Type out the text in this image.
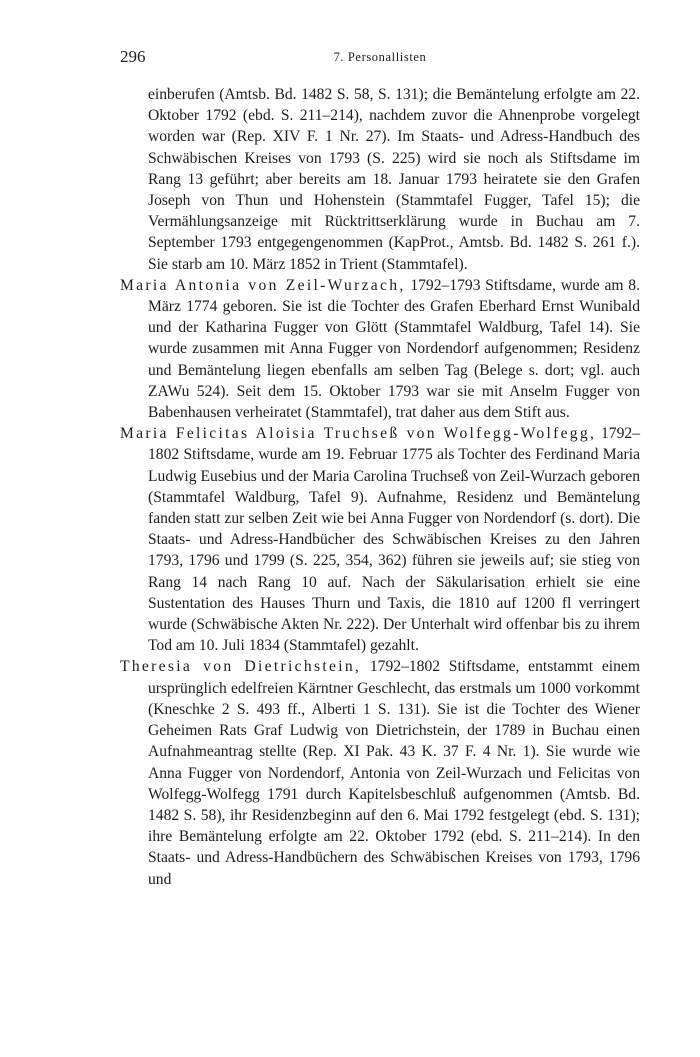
296	7. Personallisten

einberufen (Amtsb. Bd. 1482 S. 58, S. 131); die Bemäntelung erfolgte am 22. Oktober 1792 (ebd. S. 211–214), nachdem zuvor die Ahnenprobe vorgelegt worden war (Rep. XIV F. 1 Nr. 27). Im Staats- und Adress-Handbuch des Schwäbischen Kreises von 1793 (S. 225) wird sie noch als Stiftsdame im Rang 13 geführt; aber bereits am 18. Januar 1793 heiratete sie den Grafen Joseph von Thun und Hohenstein (Stammtafel Fugger, Tafel 15); die Vermählungsanzeige mit Rücktrittserklärung wurde in Buchau am 7. September 1793 entgegengenommen (KapProt., Amtsb. Bd. 1482 S. 261 f.). Sie starb am 10. März 1852 in Trient (Stammtafel).

Maria Antonia von Zeil-Wurzach, 1792–1793 Stiftsdame, wurde am 8. März 1774 geboren. Sie ist die Tochter des Grafen Eberhard Ernst Wunibald und der Katharina Fugger von Glött (Stammtafel Waldburg, Tafel 14). Sie wurde zusammen mit Anna Fugger von Nordendorf aufgenommen; Residenz und Bemäntelung liegen ebenfalls am selben Tag (Belege s. dort; vgl. auch ZAWu 524). Seit dem 15. Oktober 1793 war sie mit Anselm Fugger von Babenhausen verheiratet (Stammtafel), trat daher aus dem Stift aus.

Maria Felicitas Aloisia Truchseß von Wolfegg-Wolfegg, 1792–1802 Stiftsdame, wurde am 19. Februar 1775 als Tochter des Ferdinand Maria Ludwig Eusebius und der Maria Carolina Truchseß von Zeil-Wurzach geboren (Stammtafel Waldburg, Tafel 9). Aufnahme, Residenz und Bemäntelung fanden statt zur selben Zeit wie bei Anna Fugger von Nordendorf (s. dort). Die Staats- und Adress-Handbücher des Schwäbischen Kreises zu den Jahren 1793, 1796 und 1799 (S. 225, 354, 362) führen sie jeweils auf; sie stieg von Rang 14 nach Rang 10 auf. Nach der Säkularisation erhielt sie eine Sustentation des Hauses Thurn und Taxis, die 1810 auf 1200 fl verringert wurde (Schwäbische Akten Nr. 222). Der Unterhalt wird offenbar bis zu ihrem Tod am 10. Juli 1834 (Stammtafel) gezahlt.

Theresia von Dietrichstein, 1792–1802 Stiftsdame, entstammt einem ursprünglich edelfreien Kärntner Geschlecht, das erstmals um 1000 vorkommt (Kneschke 2 S. 493 ff., Alberti 1 S. 131). Sie ist die Tochter des Wiener Geheimen Rats Graf Ludwig von Dietrichstein, der 1789 in Buchau einen Aufnahmeantrag stellte (Rep. XI Pak. 43 K. 37 F. 4 Nr. 1). Sie wurde wie Anna Fugger von Nordendorf, Antonia von Zeil-Wurzach und Felicitas von Wolfegg-Wolfegg 1791 durch Kapitelsbeschluß aufgenommen (Amtsb. Bd. 1482 S. 58), ihr Residenzbeginn auf den 6. Mai 1792 festgelegt (ebd. S. 131); ihre Bemäntelung erfolgte am 22. Oktober 1792 (ebd. S. 211–214). In den Staats- und Adress-Handbüchern des Schwäbischen Kreises von 1793, 1796 und
